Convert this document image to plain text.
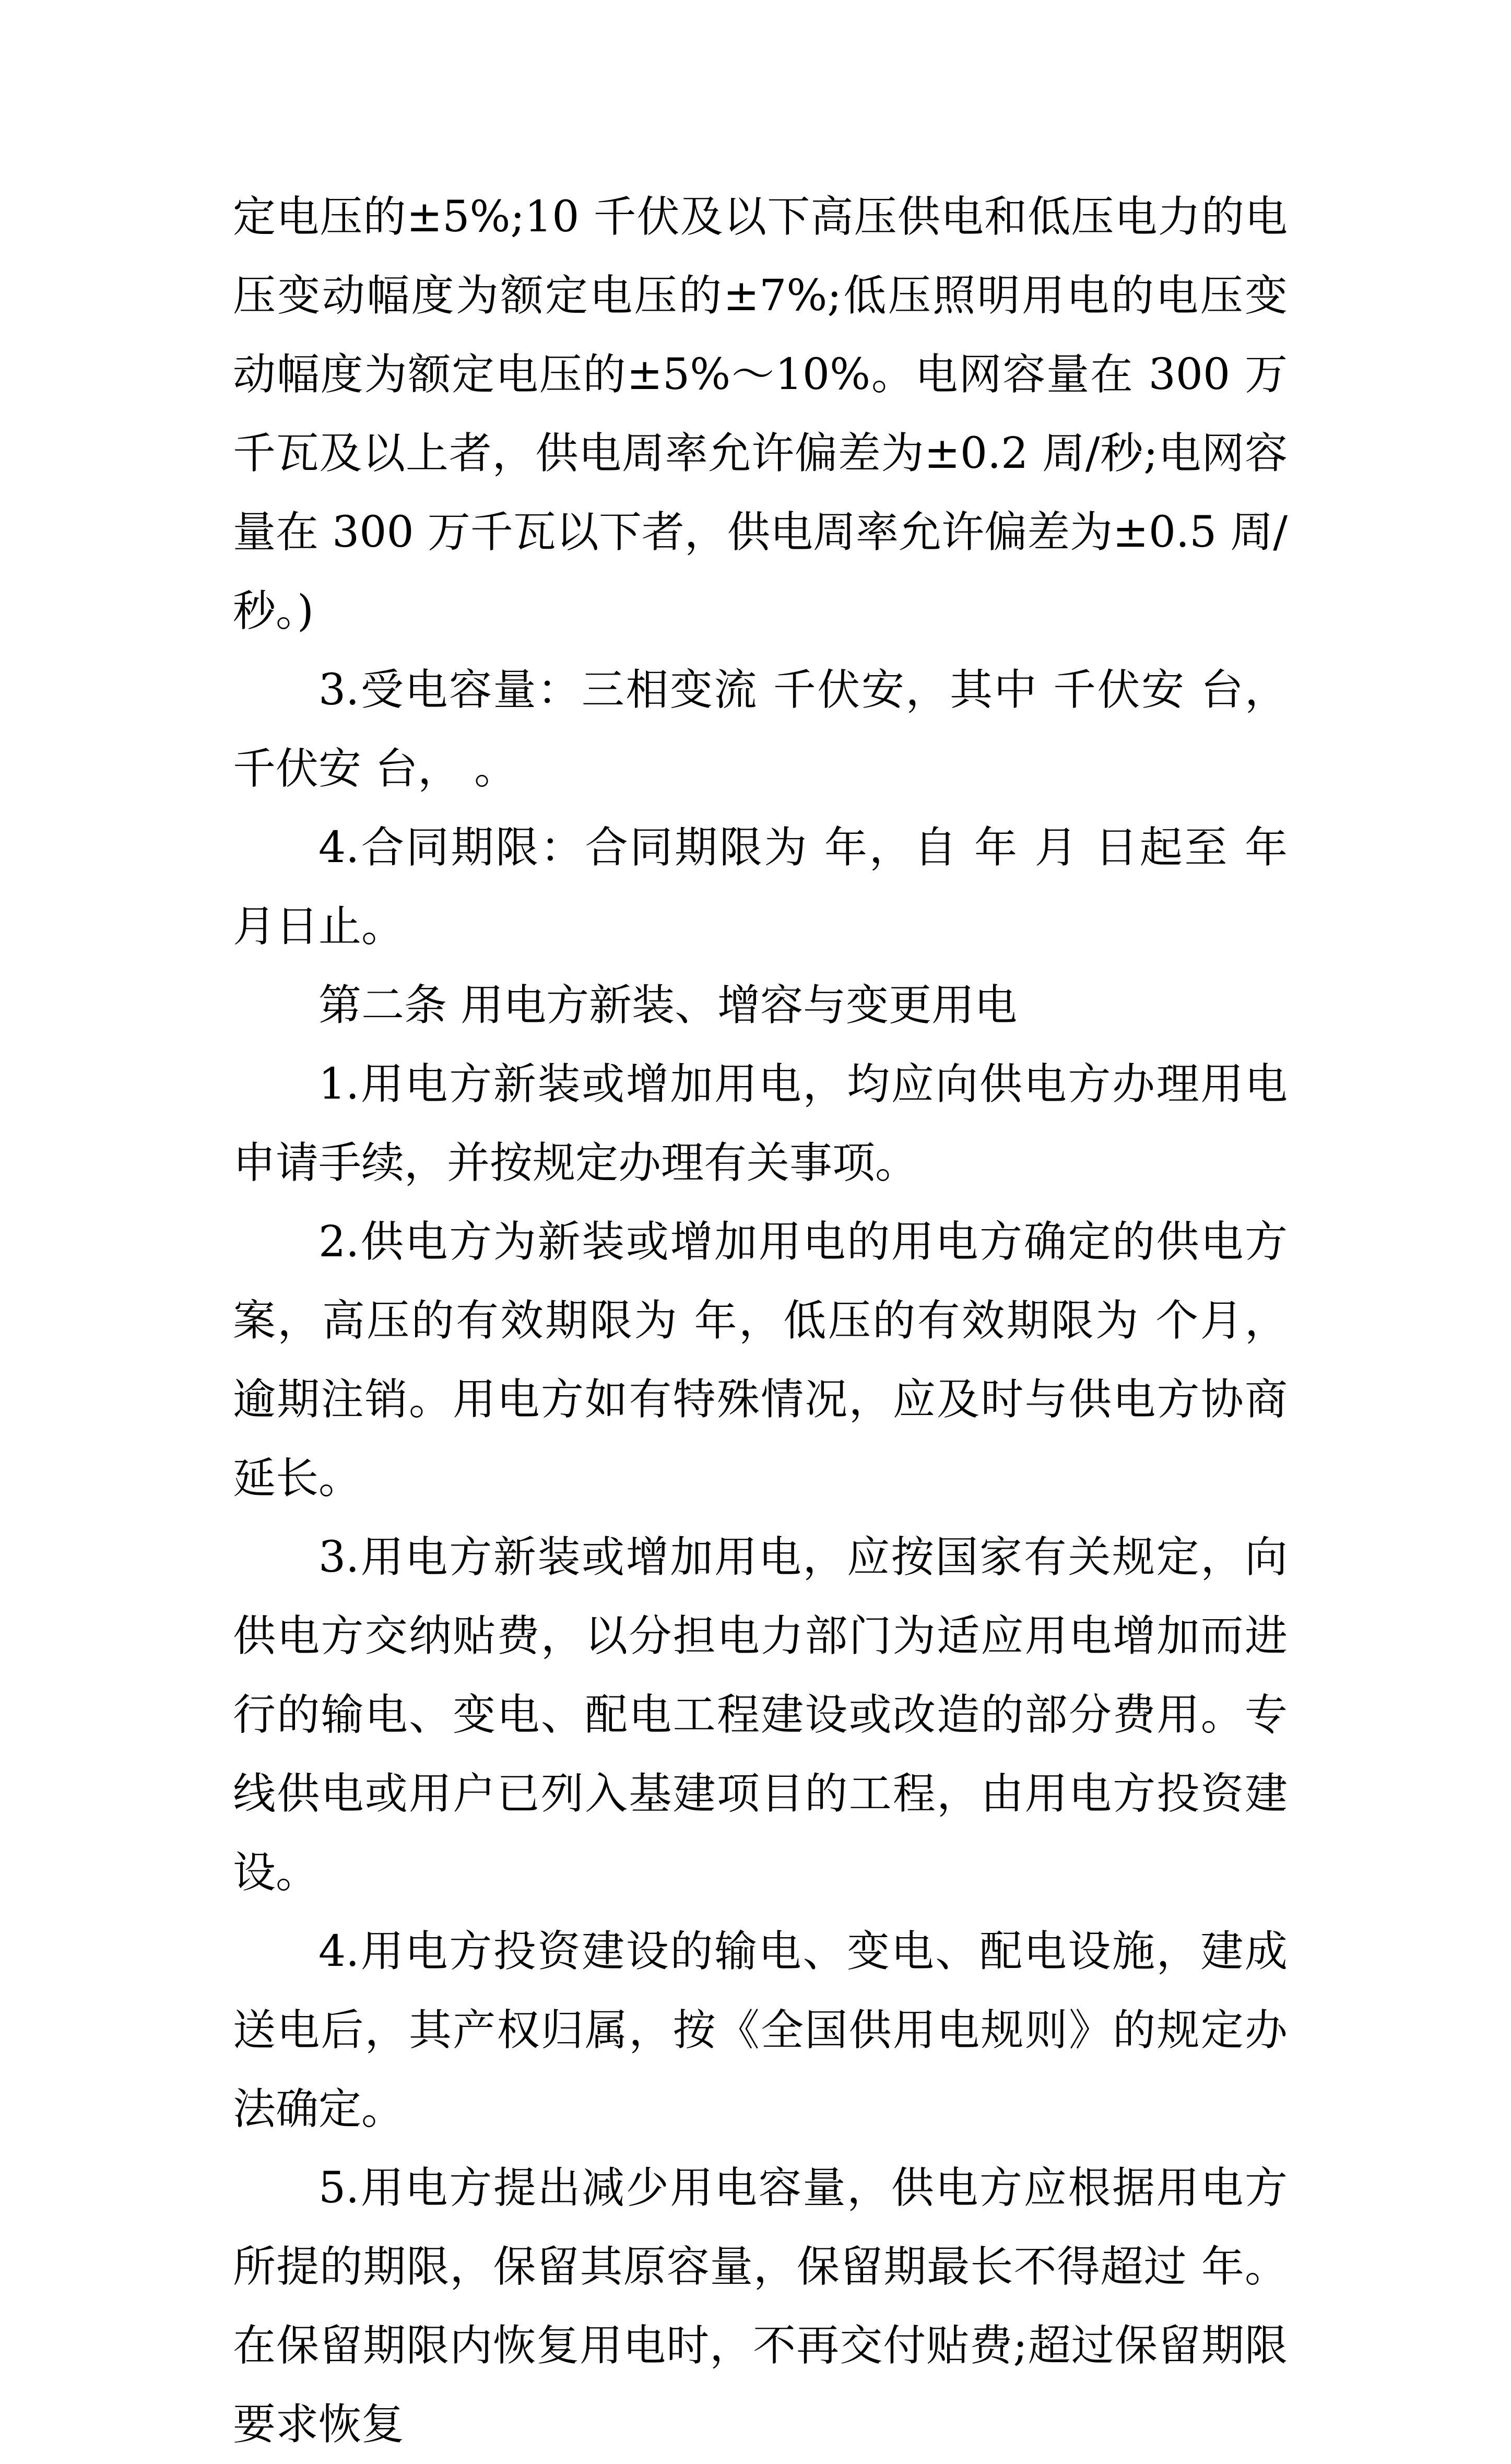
定电压的±5%;10 千伏及以下高压供电和低压电力的电压变动幅度为额定电压的±7%;低压照明用电的电压变动幅度为额定电压的±5%～10%。电网容量在 300 万千瓦及以上者，供电周率允许偏差为±0.2 周/秒;电网容量在 300 万千瓦以下者，供电周率允许偏差为±0.5 周/秒。)

3.受电容量：三相变流 千伏安，其中 千伏安 台， 千伏安 台， 。

4.合同期限：合同期限为 年，自 年 月 日起至 年 月日止。

第二条 用电方新装、增容与变更用电

1.用电方新装或增加用电，均应向供电方办理用电申请手续，并按规定办理有关事项。

2.供电方为新装或增加用电的用电方确定的供电方案，高压的有效期限为 年，低压的有效期限为 个月，逾期注销。用电方如有特殊情况，应及时与供电方协商延长。

3.用电方新装或增加用电，应按国家有关规定，向供电方交纳贴费，以分担电力部门为适应用电增加而进行的输电、变电、配电工程建设或改造的部分费用。专线供电或用户已列入基建项目的工程，由用电方投资建设。

4.用电方投资建设的输电、变电、配电设施，建成送电后，其产权归属，按《全国供用电规则》的规定办法确定。

5.用电方提出减少用电容量，供电方应根据用电方所提的期限，保留其原容量，保留期最长不得超过 年。在保留期限内恢复用电时，不再交付贴费;超过保留期限要求恢复
